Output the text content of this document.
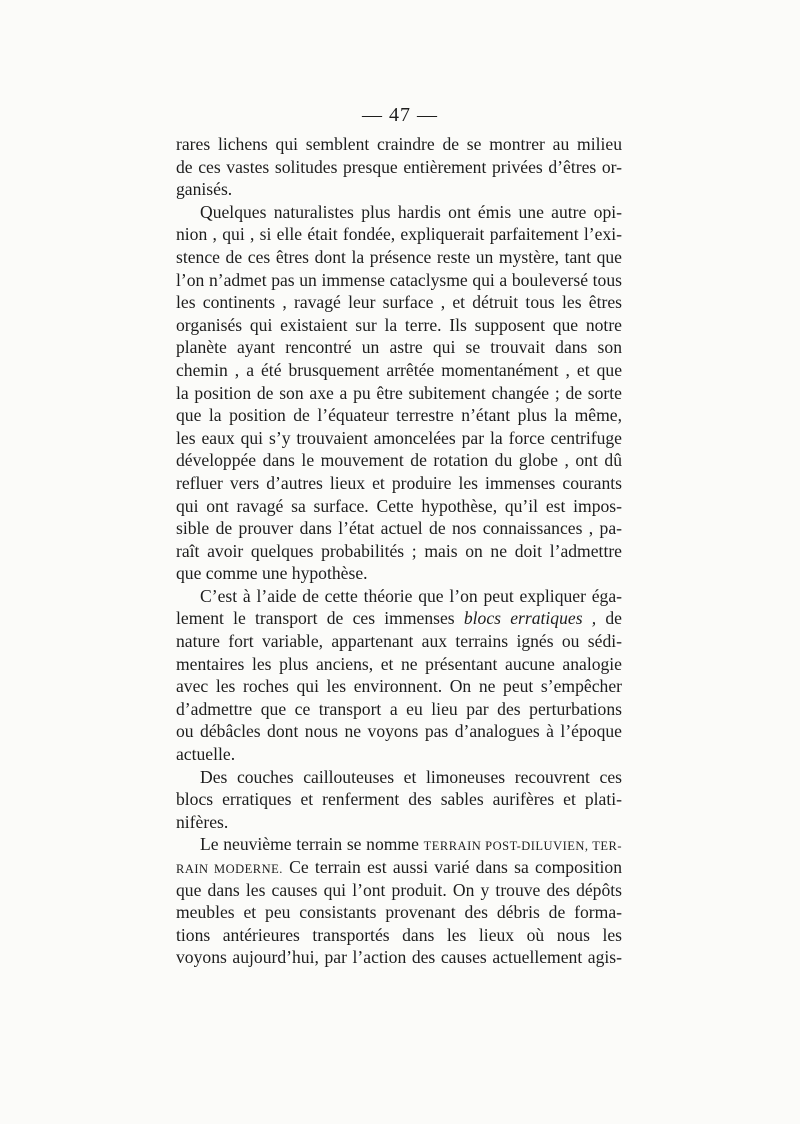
— 47 —
rares lichens qui semblent craindre de se montrer au milieu
de ces vastes solitudes presque entièrement privées d’êtres or-
ganisés.
Quelques naturalistes plus hardis ont émis une autre opi-
nion , qui , si elle était fondée, expliquerait parfaitement l’exi-
stence de ces êtres dont la présence reste un mystère, tant que
l’on n’admet pas un immense cataclysme qui a bouleversé tous
les continents , ravagé leur surface , et détruit tous les êtres
organisés qui existaient sur la terre. Ils supposent que notre
planète ayant rencontré un astre qui se trouvait dans son
chemin , a été brusquement arrêtée momentanément , et que
la position de son axe a pu être subitement changée ; de sorte
que la position de l’équateur terrestre n’étant plus la même,
les eaux qui s’y trouvaient amoncelées par la force centrifuge
développée dans le mouvement de rotation du globe , ont dû
refluer vers d’autres lieux et produire les immenses courants
qui ont ravagé sa surface. Cette hypothèse, qu’il est impos-
sible de prouver dans l’état actuel de nos connaissances , pa-
raît avoir quelques probabilités ; mais on ne doit l’admettre
que comme une hypothèse.
C’est à l’aide de cette théorie que l’on peut expliquer éga-
lement le transport de ces immenses blocs erratiques , de
nature fort variable, appartenant aux terrains ignés ou sédi-
mentaires les plus anciens, et ne présentant aucune analogie
avec les roches qui les environnent. On ne peut s’empêcher
d’admettre que ce transport a eu lieu par des perturbations
ou débâcles dont nous ne voyons pas d’analogues à l’époque
actuelle.
Des couches caillouteuses et limoneuses recouvrent ces
blocs erratiques et renferment des sables aurifères et plati-
nifères.
Le neuvième terrain se nomme TERRAIN POST-DILUVIEN, TER-
RAIN MODERNE. Ce terrain est aussi varié dans sa composition
que dans les causes qui l’ont produit. On y trouve des dépôts
meubles et peu consistants provenant des débris de forma-
tions antérieures transportés dans les lieux où nous les
voyons aujourd’hui, par l’action des causes actuellement agis-
